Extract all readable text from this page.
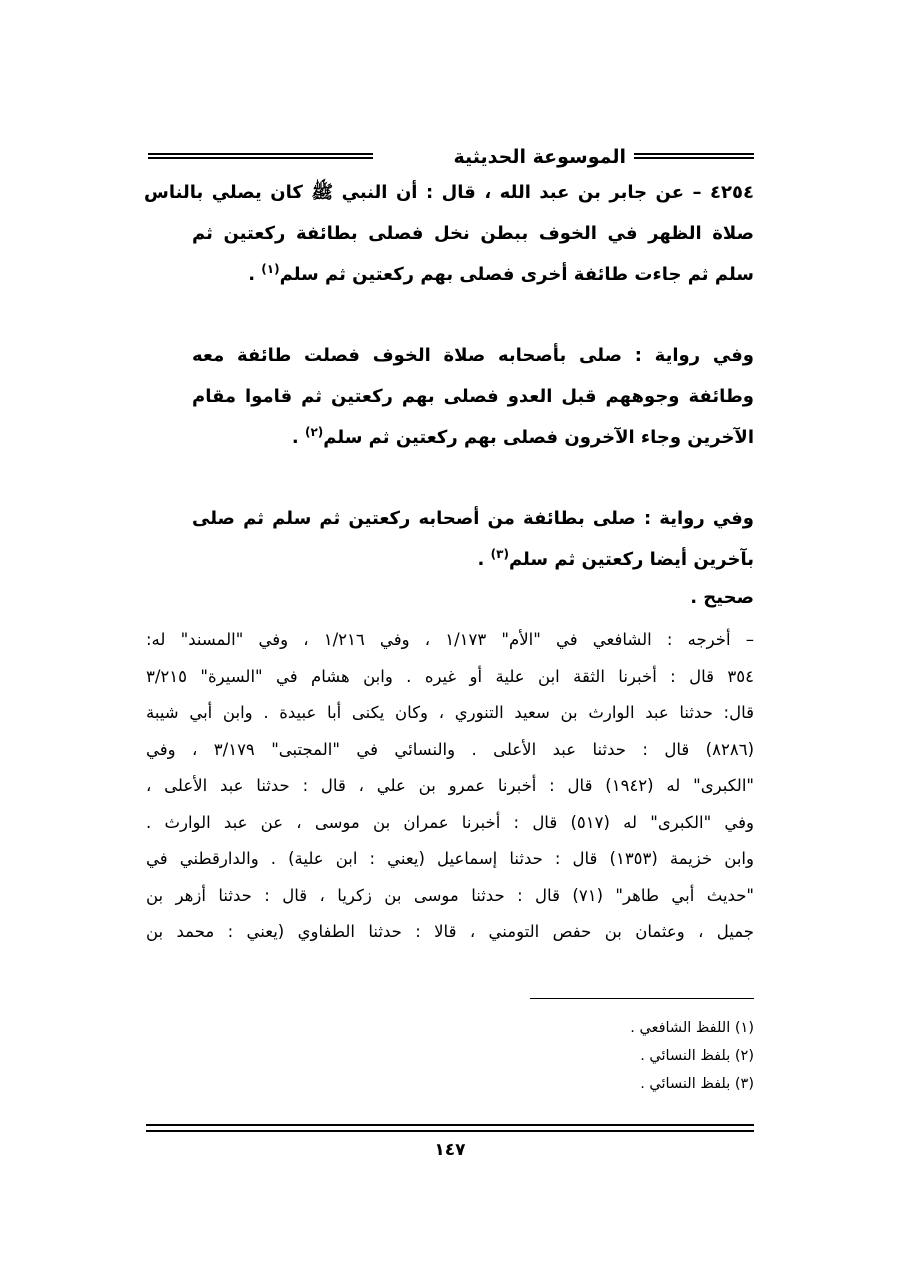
الموسوعة الحديثية
٤٢٥٤ – عن جابر بن عبد الله ، قال : أن النبي ﷺ كان يصلي بالناس
صلاة الظهر في الخوف ببطن نخل فصلى بطائفة ركعتين ثم
سلم ثم جاءت طائفة أخرى فصلى بهم ركعتين ثم سلم$^{(١)}$ .
وفي رواية : صلى بأصحابه صلاة الخوف فصلت طائفة معه
وطائفة وجوههم قبل العدو فصلى بهم ركعتين ثم قاموا مقام
الآخرين وجاء الآخرون فصلى بهم ركعتين ثم سلم$^{(٢)}$ .
وفي رواية : صلى بطائفة من أصحابه ركعتين ثم سلم ثم صلى
بآخرين أيضا ركعتين ثم سلم$^{(٣)}$ .
صحيح .
– أخرجه : الشافعي في "الأم" ١/١٧٣ ، وفي ١/٢١٦ ، وفي "المسند" له:
٣٥٤ قال : أخبرنا الثقة ابن علية أو غيره . وابن هشام في "السيرة" ٣/٢١٥
قال: حدثنا عبد الوارث بن سعيد التنوري ، وكان يكنى أبا عبيدة . وابن أبي شيبة
(٨٢٨٦) قال : حدثنا عبد الأعلى . والنسائي في "المجتبى" ٣/١٧٩ ، وفي
"الكبرى" له (١٩٤٢) قال : أخبرنا عمرو بن علي ، قال : حدثنا عبد الأعلى ،
وفي "الكبرى" له (٥١٧) قال : أخبرنا عمران بن موسى ، عن عبد الوارث .
وابن خزيمة (١٣٥٣) قال : حدثنا إسماعيل (يعني : ابن علية) . والدارقطني في
"حديث أبي طاهر" (٧١) قال : حدثنا موسى بن زكريا ، قال : حدثنا أزهر بن
جميل ، وعثمان بن حفص التومني ، قالا : حدثنا الطفاوي (يعني : محمد بن
(١) اللفظ الشافعي .
(٢) بلفظ النسائي .
(٣) بلفظ النسائي .
١٤٧
